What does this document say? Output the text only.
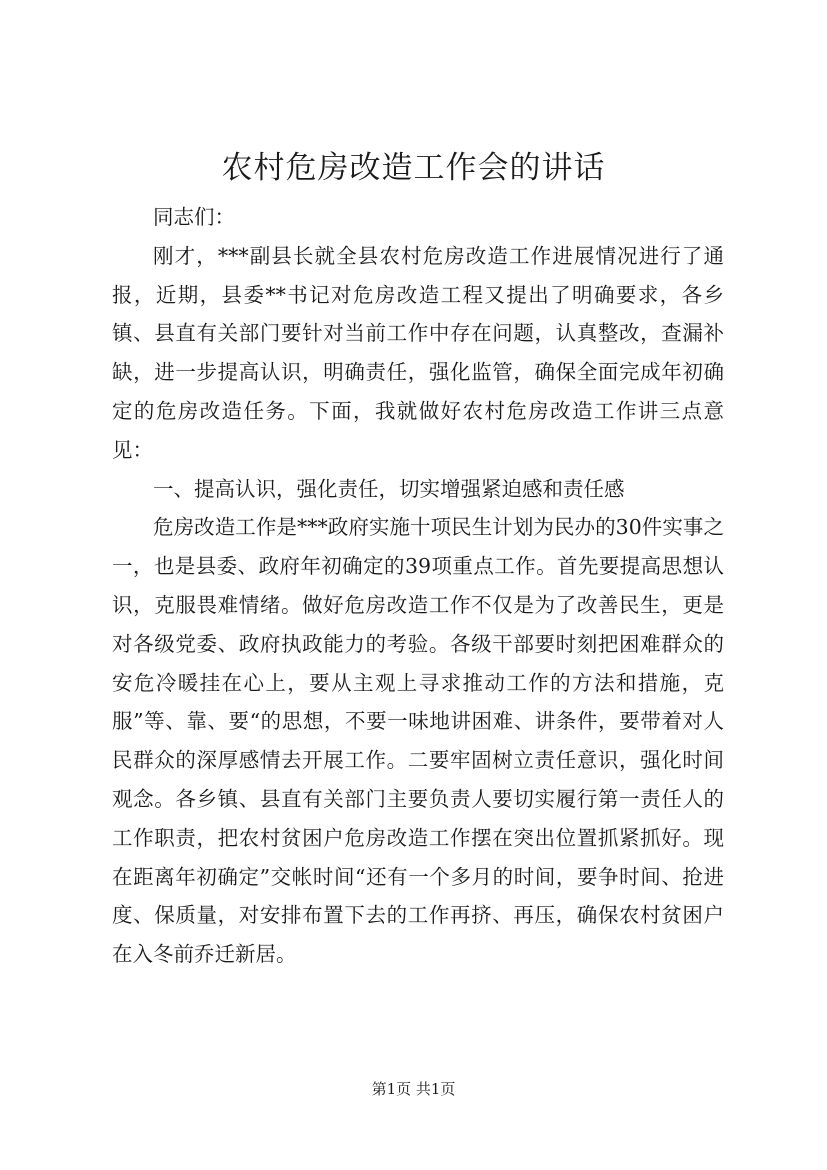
农村危房改造工作会的讲话

同志们：

刚才，***副县长就全县农村危房改造工作进展情况进行了通报，近期，县委**书记对危房改造工程又提出了明确要求，各乡镇、县直有关部门要针对当前工作中存在问题，认真整改，查漏补缺，进一步提高认识，明确责任，强化监管，确保全面完成年初确定的危房改造任务。下面，我就做好农村危房改造工作讲三点意见：

一、提高认识，强化责任，切实增强紧迫感和责任感

危房改造工作是***政府实施十项民生计划为民办的30件实事之一，也是县委、政府年初确定的39项重点工作。首先要提高思想认识，克服畏难情绪。做好危房改造工作不仅是为了改善民生，更是对各级党委、政府执政能力的考验。各级干部要时刻把困难群众的安危冷暖挂在心上，要从主观上寻求推动工作的方法和措施，克服”等、靠、要“的思想，不要一味地讲困难、讲条件，要带着对人民群众的深厚感情去开展工作。二要牢固树立责任意识，强化时间观念。各乡镇、县直有关部门主要负责人要切实履行第一责任人的工作职责，把农村贫困户危房改造工作摆在突出位置抓紧抓好。现在距离年初确定”交帐时间“还有一个多月的时间，要争时间、抢进度、保质量，对安排布置下去的工作再挤、再压，确保农村贫困户在入冬前乔迁新居。

第1页 共1页
